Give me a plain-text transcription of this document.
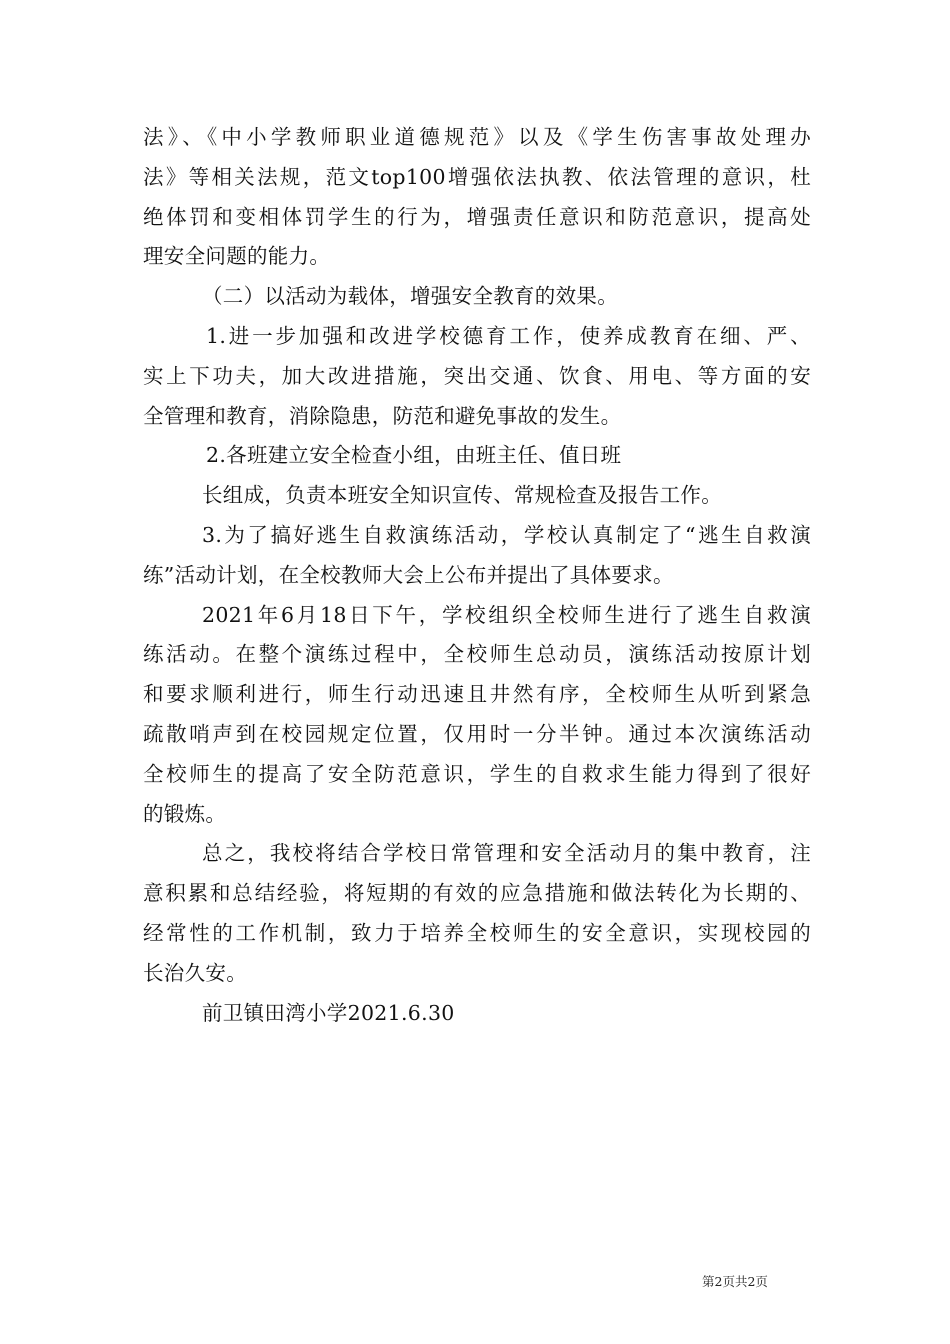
法》、《中小学教师职业道德规范》以及《学生伤害事故处理办
法》等相关法规，范文top100增强依法执教、依法管理的意识，杜
绝体罚和变相体罚学生的行为，增强责任意识和防范意识，提高处
理安全问题的能力。
（二）以活动为载体，增强安全教育的效果。
1.进一步加强和改进学校德育工作，使养成教育在细、严、
实上下功夫，加大改进措施，突出交通、饮食、用电、等方面的安
全管理和教育，消除隐患，防范和避免事故的发生。
2.各班建立安全检查小组，由班主任、值日班
长组成，负责本班安全知识宣传、常规检查及报告工作。
3.为了搞好逃生自救演练活动，学校认真制定了“逃生自救演
练”活动计划，在全校教师大会上公布并提出了具体要求。
2021年6月18日下午，学校组织全校师生进行了逃生自救演
练活动。在整个演练过程中，全校师生总动员，演练活动按原计划
和要求顺利进行，师生行动迅速且井然有序，全校师生从听到紧急
疏散哨声到在校园规定位置，仅用时一分半钟。通过本次演练活动
全校师生的提高了安全防范意识，学生的自救求生能力得到了很好
的锻炼。
总之，我校将结合学校日常管理和安全活动月的集中教育，注
意积累和总结经验，将短期的有效的应急措施和做法转化为长期的、
经常性的工作机制，致力于培养全校师生的安全意识，实现校园的
长治久安。
前卫镇田湾小学2021.6.30
第2页共2页
